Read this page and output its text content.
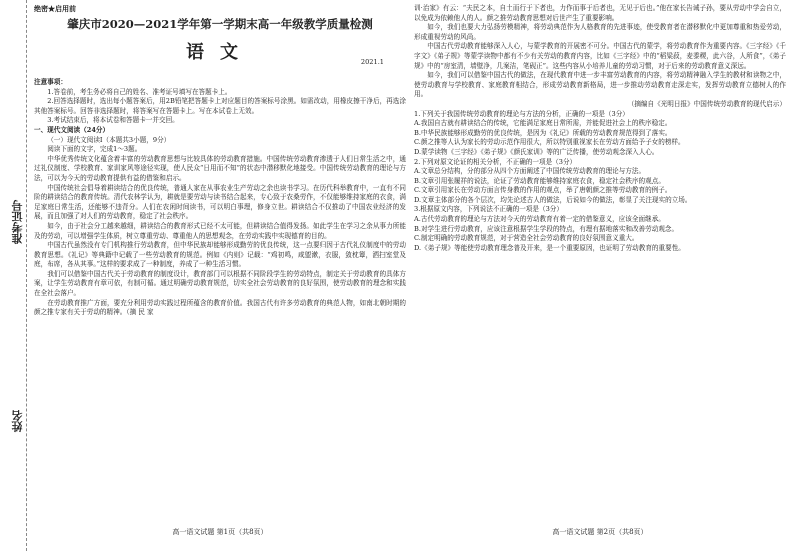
准考证号
姓名
绝密★启用前
肇庆市2020—2021学年第一学期末高一年级教学质量检测
语文	2021.1

注意事项：

1.答卷前，考生务必将自己的姓名、准考证号填写在答题卡上。

2.回答选择题时，选出每小题答案后，用2B铅笔把答题卡上对应题目的答案标号涂黑。如需改动，用橡皮擦干净后，再选涂其他答案标号。回答非选择题时，将答案写在答题卡上。写在本试卷上无效。

3.考试结束后，将本试卷和答题卡一并交回。

一、现代文阅读（24分）

（一）现代文阅读Ⅰ（本题共3小题，9分）

阅读下面的文字，完成1～3题。

中华优秀传统文化蕴含着丰富的劳动教育思想与比较具体的劳动教育措施。中国传统劳动教育渗透于人们日常生活之中，通过礼仪制度、学校教育、家训家风等途径实现，使人民众“日用而不知”的状态中潜移默化地接受。中国传统劳动教育的理论与方法，可以为今天的劳动教育提供有益的借鉴和启示。

中国传统社会倡导着耕读结合的优良传统，普通人家在从事农业生产劳动之余也读书学习。在历代科举教育中，一直有不同阶的耕读结合的教育传统。清代农林学认为，耕就是要劳动与读书结合起来，专心致于农桑劳作，不仅能够维持家庭的衣食，满足家庭日常生活，还能够不违背分。人们在农闲时间读书，可以明白事理，修身立世。耕读结合不仅推动了中国农业经济的发展，而且加强了对人们的劳动教育，稳定了社会秩序。

如今，由于社会分工越来越细，耕读结合的教育形式已经不太可能，但耕读结合值得发扬。如此学生在学习之余从事力所能及的劳动，可以增强学生体质，树立尊重劳动、尊重他人的思想观念，在劳动实践中实现德育的目的。

中国古代虽然没有专门机构推行劳动教育，但中华民族却能够形成勤劳的优良传统，这一点要归因于古代礼仪制度中的劳动教育思想。《礼记》等典籍中记载了一些劳动教育的规范。例如《内则》记载：“鸡初鸣，咸盥漱，衣服，敛枕簟，洒扫室堂及庭，布席，各从其事。”这样的要求成了一种制度，养成了一种生活习惯。

我们可以借鉴中国古代关于劳动教育的制度设计，教育部门可以根据不同阶段学生的劳动特点，制定关于劳动教育的具体方案，让学生劳动教育有章可依，有制可循。通过明确劳动教育规范，切实全社会劳动教育的良好氛围，使劳动教育的理念和实践在全社会落户。

在劳动教育推广方面，要充分利用劳动实践过程所蕴含的教育价值。我国古代有许多劳动教育的典范人物，如南北朝时期的颜之推专家有关于劳动的精神。（摘 民 家

高一语文试题 第1页（共8页）

训·治家》有云：“夫民之本，自土而行于下者也，力作而事于后者也，无见于后也。”他在家长告诫子孙，要从劳动中学会自立，以免成为依赖他人的人。颜之推劳动教育思想对后世产生了重要影响。

如今，我们也要大力弘扬劳模精神，将劳动典范作为人格教育的先进事迹，使受教育者在潜移默化中更加尊重和热爱劳动，形成重视劳动的风尚。

中国古代劳动教育能够深入人心，与蒙学教育的开展密不可分。中国古代的蒙学，将劳动教育作为重要内容。《三字经》《千字文》《弟子规》等蒙学读物中都有不少有关劳动的教育内容，比如《三字经》中的“稻粱菽，麦黍稷，此六谷，人所食”，《弟子规》中的“房室清，墙壁净，几案洁，笔砚正”。这些内容从小培养儿童的劳动习惯，对于后来的劳动教育意义深远。

如今，我们可以借鉴中国古代的做法，在现代教育中进一步丰富劳动教育的内容，将劳动精神融入学生的教材和读物之中，使劳动教育与学校教育、家庭教育相结合，形成劳动教育新格局，进一步推动劳动教育走深走实，发挥劳动教育立德树人的作用。

（摘编自《光明日报》中国传统劳动教育的现代启示）

1.下列关于我国传统劳动教育的理论与方法的分析，正确的一项是（3分）

A.我国自古就有耕读结合的传统，它能满足家庭日常所需，并能促进社会上的秩序稳定。

B.中华民族能够形成勤劳的优良传统，是因为《礼记》所载的劳动教育规范得到了落实。

C.颜之推等人认为家长的劳动示范作用很大，所以特别重视家长在劳动方面给予子女的榜样。

D.蒙学读物《三字经》《弟子规》《颜氏家训》等的广泛传播，使劳动观念深入人心。

2.下列对原文论证的相关分析，不正确的一项是（3分）

A.文章总分结构，分的部分从四个方面阐述了中国传统劳动教育的理论与方法。

B.文章引用张履祥的说法，论证了劳动教育能够维持家庭衣食，稳定社会秩序的观点。

C.文章引用家长在劳动方面言传身教的作用的观点，举了唐朝颜之推等劳动教育的例子。

D.文章主体部分的各个层次，均先论述古人的做法，后说如今的做法，彰显了关注现实的立场。

3.根据原文内容，下列说法不正确的一项是（3分）

A.古代劳动教育的理论与方法对今天的劳动教育有着一定的借鉴意义，应该全面继承。

B.对学生进行劳动教育，应该注意根据学生学段的特点，有理有据地落实和改善劳动观念。

C.制定明确的劳动教育规范，对于营造全社会劳动教育的良好氛围意义重大。

D.《弟子规》等能使劳动教育理念普及开来，是一个重要原因，也证明了劳动教育的重要性。

高一语文试题 第2页（共8页）
